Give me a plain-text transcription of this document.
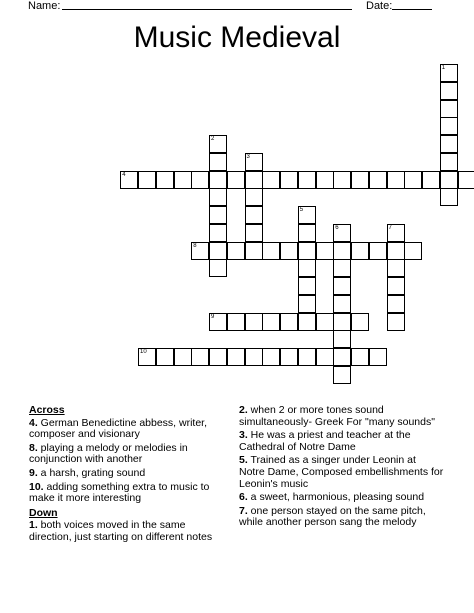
Name:	Date:
Music Medieval
1
2
3
4
5
6	7
8
9
10
Across
4. German Benedictine abbess, writer, composer and visionary
8. playing a melody or melodies in conjunction with another
9. a harsh, grating sound
10. adding something extra to music to make it more interesting
Down
1. both voices moved in the same direction, just starting on different notes
2. when 2 or more tones sound simultaneously- Greek For "many sounds"
3. He was a priest and teacher at the Cathedral of Notre Dame
5. Trained as a singer under Leonin at Notre Dame, Composed embellishments for Leonin's music
6. a sweet, harmonious, pleasing sound
7. one person stayed on the same pitch, while another person sang the melody
